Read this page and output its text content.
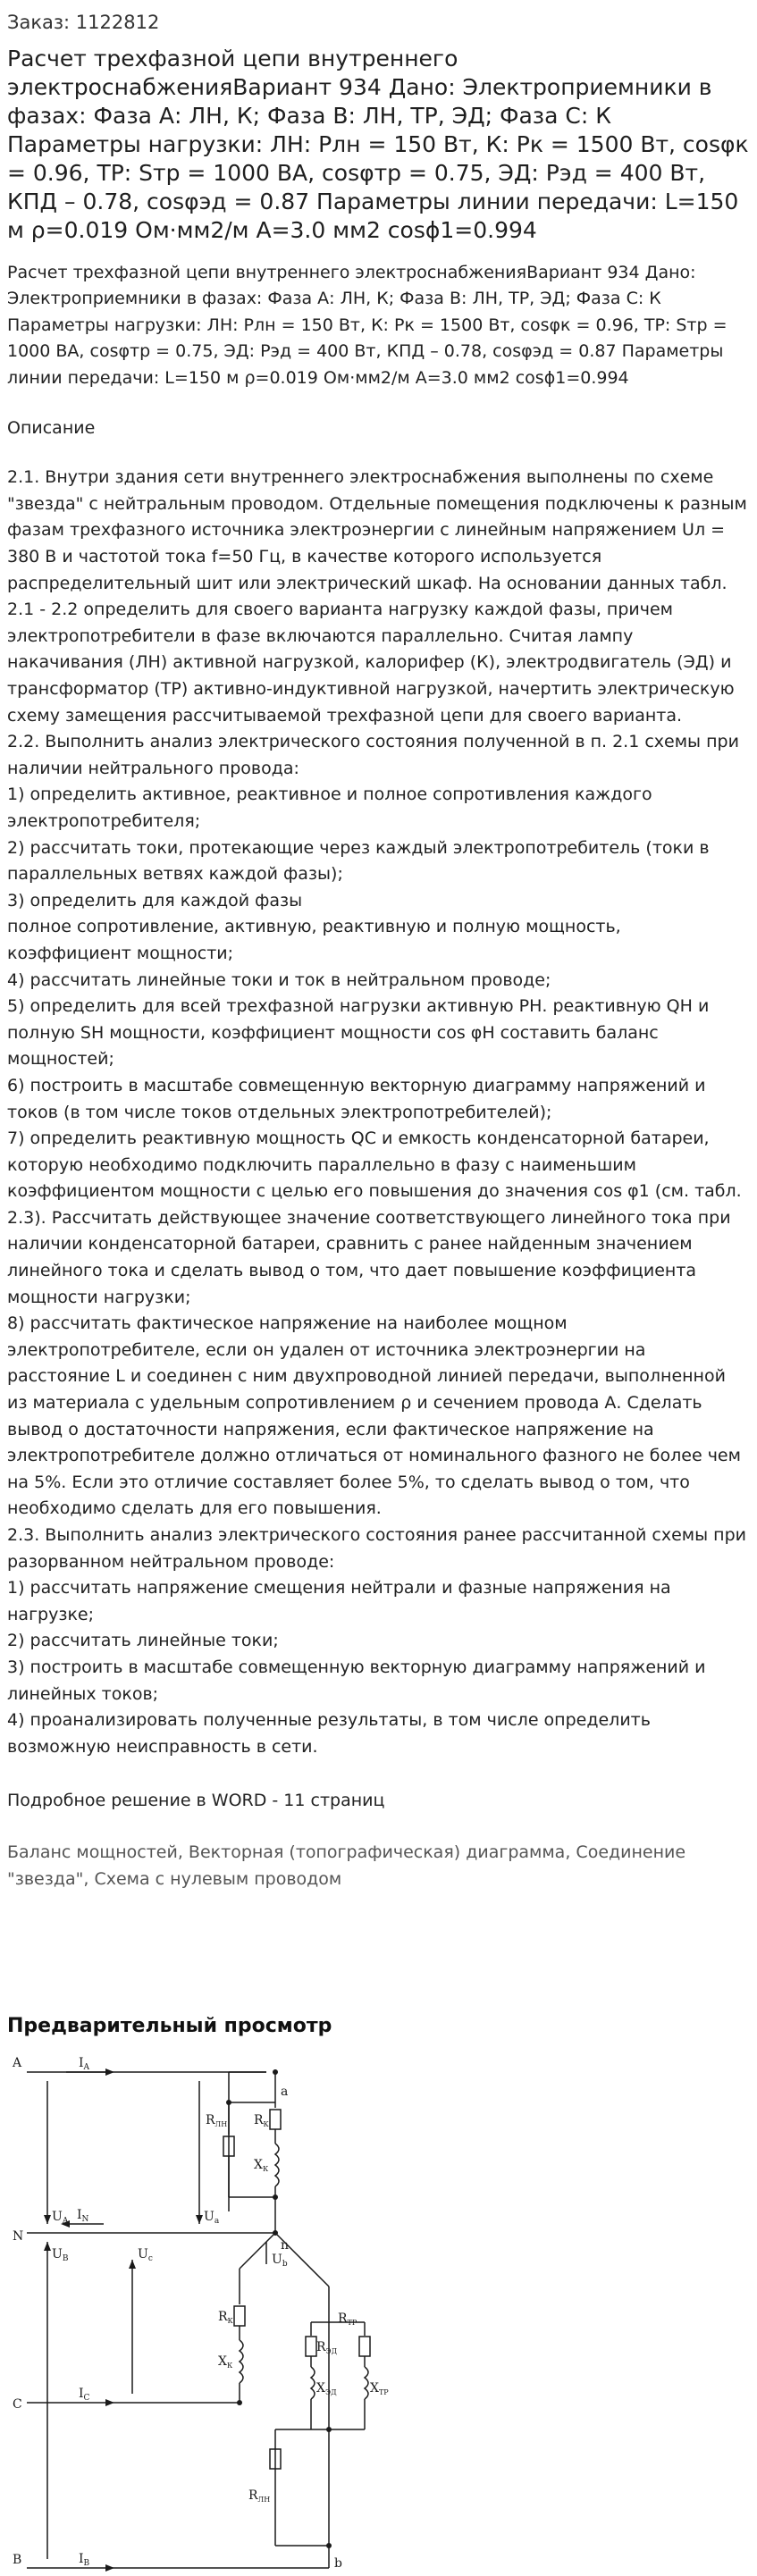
Заказ: 1122812
Расчет трехфазной цепи внутреннего электроснабженияВариант 934 Дано: Электроприемники в фазах: Фаза А: ЛН, К; Фаза В: ЛН, ТР, ЭД; Фаза С: К Параметры нагрузки: ЛН: Рлн = 150 Вт, К: Рк = 1500 Вт, cosφк = 0.96, ТР: Sтр = 1000 ВА, cosφтр = 0.75, ЭД: Рэд = 400 Вт, КПД – 0.78, cosφэд = 0.87 Параметры линии передачи: L=150 м ρ=0.019 Ом·мм2/м А=3.0 мм2 cosϕ1=0.994
Расчет трехфазной цепи внутреннего электроснабженияВариант 934 Дано: Электроприемники в фазах: Фаза А: ЛН, К; Фаза В: ЛН, ТР, ЭД; Фаза С: К Параметры нагрузки: ЛН: Рлн = 150 Вт, К: Рк = 1500 Вт, cosφк = 0.96, ТР: Sтр = 1000 ВА, cosφтр = 0.75, ЭД: Рэд = 400 Вт, КПД – 0.78, cosφэд = 0.87 Параметры линии передачи: L=150 м ρ=0.019 Ом·мм2/м А=3.0 мм2 cosϕ1=0.994
Описание
2.1. Внутри здания сети внутреннего электроснабжения выполнены по схеме "звезда" с нейтральным проводом. Отдельные помещения подключены к разным фазам трехфазного источника электроэнергии с линейным напряжением Uл = 380 В и частотой тока f=50 Гц, в качестве которого используется распределительный шит или электрический шкаф. На основании данных табл. 2.1 - 2.2 определить для своего варианта нагрузку каждой фазы, причем электропотребители в фазе включаются параллельно. Считая лампу накачивания (ЛН) активной нагрузкой, калорифер (К), электродвигатель (ЭД) и трансформатор (ТР) активно-индуктивной нагрузкой, начертить электрическую схему замещения рассчитываемой трехфазной цепи для своего варианта.
2.2. Выполнить анализ электрического состояния полученной в п. 2.1 схемы при наличии нейтрального провода:
1) определить активное, реактивное и полное сопротивления каждого электропотребителя;
2) рассчитать токи, протекающие через каждый электропотребитель (токи в параллельных ветвях каждой фазы);
3) определить для каждой фазы
полное сопротивление, активную, реактивную и полную мощность, коэффициент мощности;
4) рассчитать линейные токи и ток в нейтральном проводе;
5) определить для всей трехфазной нагрузки активную PН. реактивную QН и полную SН мощности, коэффициент мощности cos φН составить баланс мощностей;
6) построить в масштабе совмещенную векторную диаграмму напряжений и токов (в том числе токов отдельных электропотребителей);
7) определить реактивную мощность QС и емкость конденсаторной батареи, которую необходимо подключить параллельно в фазу с наименьшим коэффициентом мощности с целью его повышения до значения cos φ1 (см. табл. 2.3). Рассчитать действующее значение соответствующего линейного тока при наличии конденсаторной батареи, сравнить с ранее найденным значением линейного тока и сделать вывод о том, что дает повышение коэффициента мощности нагрузки;
8) рассчитать фактическое напряжение на наиболее мощном электропотребителе, если он удален от источника электроэнергии на расстояние L и соединен с ним двухпроводной линией передачи, выполненной из материала с удельным сопротивлением ρ и сечением провода А. Сделать вывод о достаточности напряжения, если фактическое напряжение на электропотребителе должно отличаться от номинального фазного не более чем на 5%. Если это отличие составляет более 5%, то сделать вывод о том, что необходимо сделать для его повышения.
2.3. Выполнить анализ электрического состояния ранее рассчитанной схемы при разорванном нейтральном проводе:
1) рассчитать напряжение смещения нейтрали и фазные напряжения на нагрузке;
2) рассчитать линейные токи;
3) построить в масштабе совмещенную векторную диаграмму напряжений и линейных токов;
4) проанализировать полученные результаты, в том числе определить возможную неисправность в сети.
Подробное решение в WORD - 11 страниц
Баланс мощностей, Векторная (топографическая) диаграмма, Соединение "звезда", Схема с нулевым проводом
Предварительный просмотр
A
a
N
n
C
B	b
$I_A$
$I_N$
$I_C$
$I_B$
$U_A$	$U_a$
$U_B$	$U_c$	$U_b$
$R_{ЛН}$ $R_К$
$X_К$
$R_К$
$X_К$
$R_{ЭД}$
$R_{ТР}$
$X_{ЭД}$	$X_{ТР}$
$R_{ЛН}$
